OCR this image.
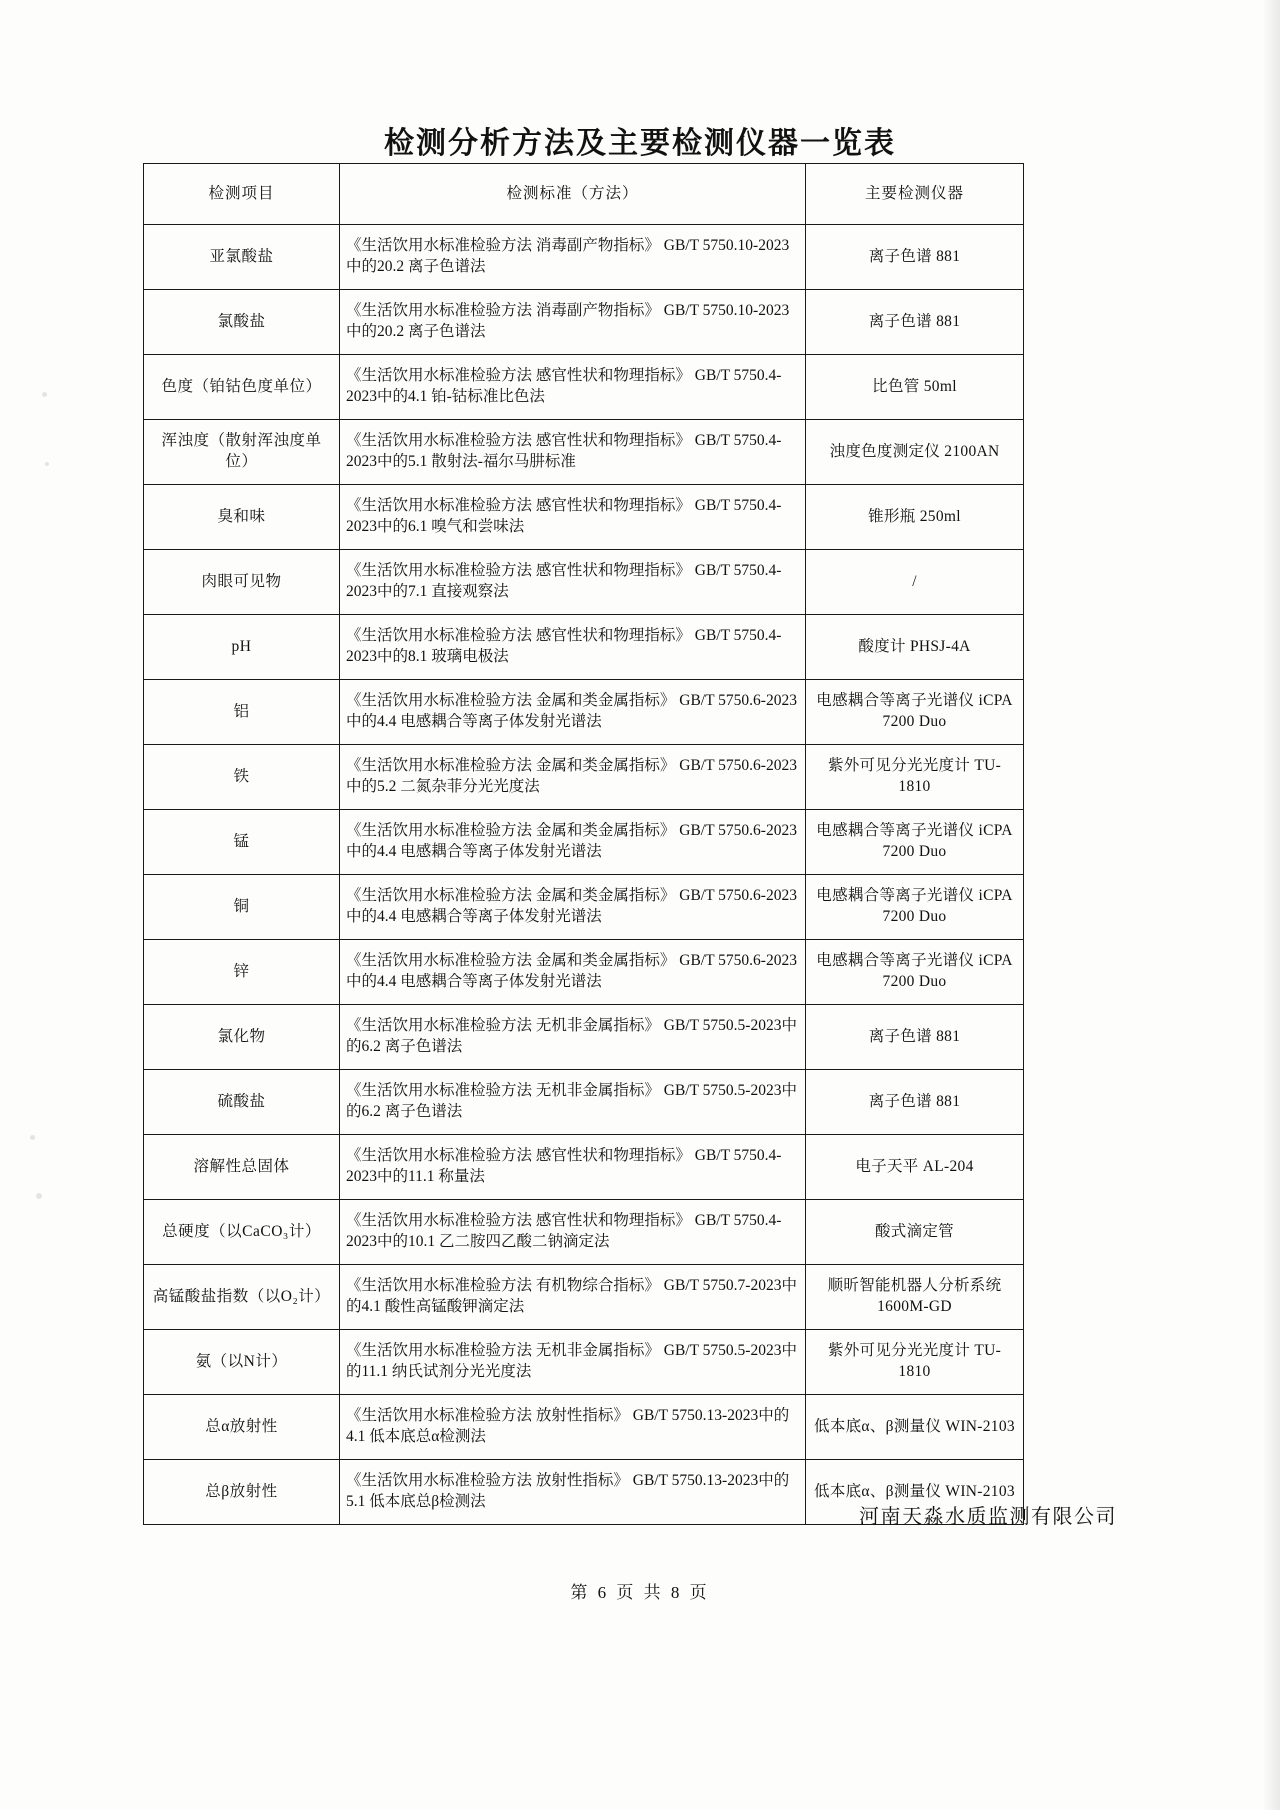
检测分析方法及主要检测仪器一览表
检测项目	检测标准（方法）	主要检测仪器
亚氯酸盐	《生活饮用水标准检验方法 消毒副产物指标》 GB/T 5750.10-2023中的20.2 离子色谱法	离子色谱 881
氯酸盐	《生活饮用水标准检验方法 消毒副产物指标》 GB/T 5750.10-2023中的20.2 离子色谱法	离子色谱 881
色度（铂钴色度单位）	《生活饮用水标准检验方法 感官性状和物理指标》 GB/T 5750.4-2023中的4.1 铂-钴标准比色法	比色管 50ml
浑浊度（散射浑浊度单位）	《生活饮用水标准检验方法 感官性状和物理指标》 GB/T 5750.4-2023中的5.1 散射法-福尔马肼标准	浊度色度测定仪 2100AN
臭和味	《生活饮用水标准检验方法 感官性状和物理指标》 GB/T 5750.4-2023中的6.1 嗅气和尝味法	锥形瓶 250ml
肉眼可见物	《生活饮用水标准检验方法 感官性状和物理指标》 GB/T 5750.4-2023中的7.1 直接观察法	/
pH	《生活饮用水标准检验方法 感官性状和物理指标》 GB/T 5750.4-2023中的8.1 玻璃电极法	酸度计 PHSJ-4A
铝	《生活饮用水标准检验方法 金属和类金属指标》 GB/T 5750.6-2023中的4.4 电感耦合等离子体发射光谱法	电感耦合等离子光谱仪 iCPA 7200 Duo
铁	《生活饮用水标准检验方法 金属和类金属指标》 GB/T 5750.6-2023中的5.2 二氮杂菲分光光度法	紫外可见分光光度计 TU-1810
锰	《生活饮用水标准检验方法 金属和类金属指标》 GB/T 5750.6-2023中的4.4 电感耦合等离子体发射光谱法	电感耦合等离子光谱仪 iCPA 7200 Duo
铜	《生活饮用水标准检验方法 金属和类金属指标》 GB/T 5750.6-2023中的4.4 电感耦合等离子体发射光谱法	电感耦合等离子光谱仪 iCPA 7200 Duo
锌	《生活饮用水标准检验方法 金属和类金属指标》 GB/T 5750.6-2023中的4.4 电感耦合等离子体发射光谱法	电感耦合等离子光谱仪 iCPA 7200 Duo
氯化物	《生活饮用水标准检验方法 无机非金属指标》 GB/T 5750.5-2023中的6.2 离子色谱法	离子色谱 881
硫酸盐	《生活饮用水标准检验方法 无机非金属指标》 GB/T 5750.5-2023中的6.2 离子色谱法	离子色谱 881
溶解性总固体	《生活饮用水标准检验方法 感官性状和物理指标》 GB/T 5750.4-2023中的11.1 称量法	电子天平 AL-204
总硬度（以CaCO₃计）	《生活饮用水标准检验方法 感官性状和物理指标》 GB/T 5750.4-2023中的10.1 乙二胺四乙酸二钠滴定法	酸式滴定管
高锰酸盐指数（以O₂计）	《生活饮用水标准检验方法 有机物综合指标》 GB/T 5750.7-2023中的4.1 酸性高锰酸钾滴定法	顺昕智能机器人分析系统 1600M-GD
氨（以N计）	《生活饮用水标准检验方法 无机非金属指标》 GB/T 5750.5-2023中的11.1 纳氏试剂分光光度法	紫外可见分光光度计 TU-1810
总α放射性	《生活饮用水标准检验方法 放射性指标》 GB/T 5750.13-2023中的4.1 低本底总α检测法	低本底α、β测量仪 WIN-2103
总β放射性	《生活饮用水标准检验方法 放射性指标》 GB/T 5750.13-2023中的5.1 低本底总β检测法	低本底α、β测量仪 WIN-2103
河南天淼水质监测有限公司
第 6 页 共 8 页
